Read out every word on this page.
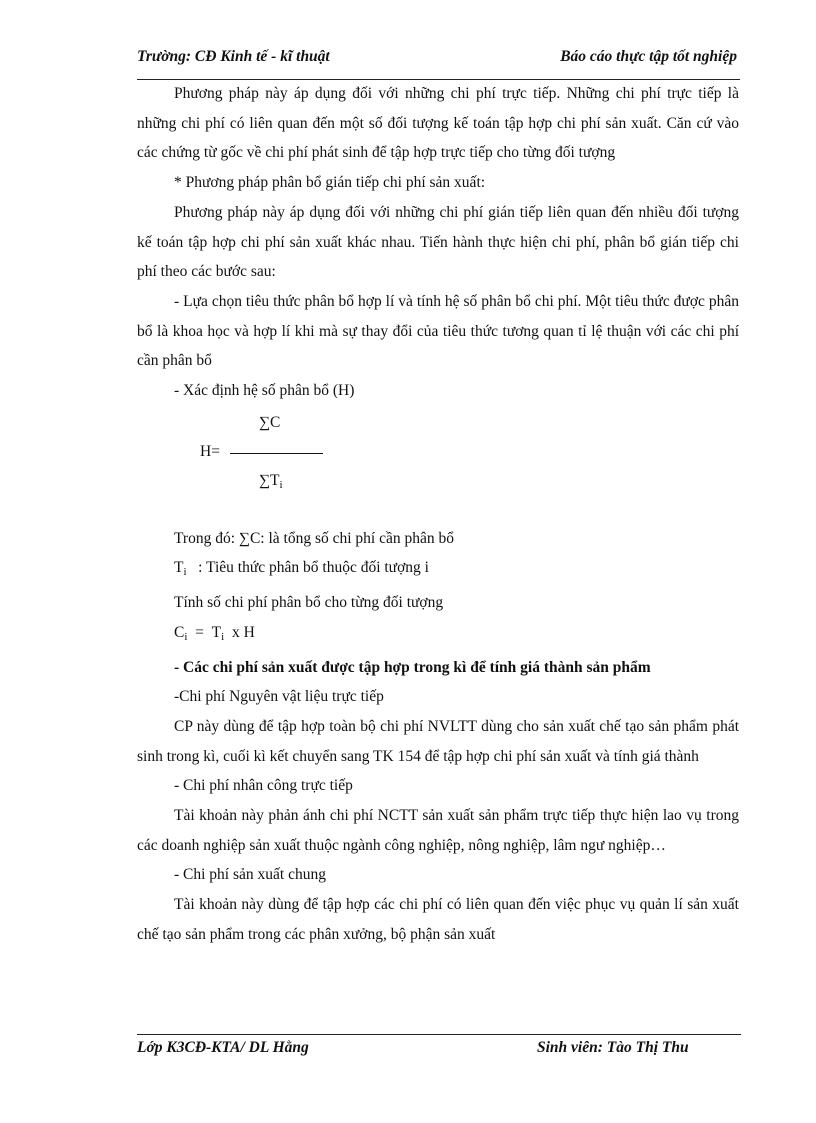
Trường: CĐ Kinh tế - kĩ thuật	Báo cáo thực tập tốt nghiệp

Phương pháp này áp dụng đối với những chi phí trực tiếp. Những chi phí trực tiếp là những chi phí có liên quan đến một số đối tượng kế toán tập hợp chi phí sản xuất. Căn cứ vào các chứng từ gốc về chi phí phát sinh để tập hợp trực tiếp cho từng đối tượng

* Phương pháp phân bổ gián tiếp chi phí sản xuất:

Phương pháp này áp dụng đối với những chi phí gián tiếp liên quan đến nhiều đối tượng kế toán tập hợp chi phí sản xuất khác nhau. Tiến hành thực hiện chi phí, phân bổ gián tiếp chi phí theo các bước sau:

- Lựa chọn tiêu thức phân bổ hợp lí và tính hệ số phân bổ chi phí. Một tiêu thức được phân bổ là khoa học và hợp lí khi mà sự thay đổi của tiêu thức tương quan tỉ lệ thuận với các chi phí cần phân bổ

- Xác định hệ số phân bổ (H)

∑C
H=
$\sum T_i$

Trong đó: ∑C: là tổng số chi phí cần phân bổ

$T_i$ : Tiêu thức phân bổ thuộc đối tượng i

Tính số chi phí phân bổ cho từng đối tượng

$C_i = T_i$ x H

- Các chi phí sản xuất được tập hợp trong kì để tính giá thành sản phẩm

-Chi phí Nguyên vật liệu trực tiếp

CP này dùng để tập hợp toàn bộ chi phí NVLTT dùng cho sản xuất chế tạo sản phẩm phát sinh trong kì, cuối kì kết chuyển sang TK 154 để tập hợp chi phí sản xuất và tính giá thành

- Chi phí nhân công trực tiếp

Tài khoản này phản ánh chi phí NCTT sản xuất sản phẩm trực tiếp thực hiện lao vụ trong các doanh nghiệp sản xuất thuộc ngành công nghiệp, nông nghiệp, lâm ngư nghiệp…

- Chi phí sản xuất chung

Tài khoản này dùng để tập hợp các chi phí có liên quan đến việc phục vụ quản lí sản xuất chế tạo sản phẩm trong các phân xưởng, bộ phận sản xuất

Lớp K3CĐ-KTA/ DL Hằng	Sinh viên: Tào Thị Thu
